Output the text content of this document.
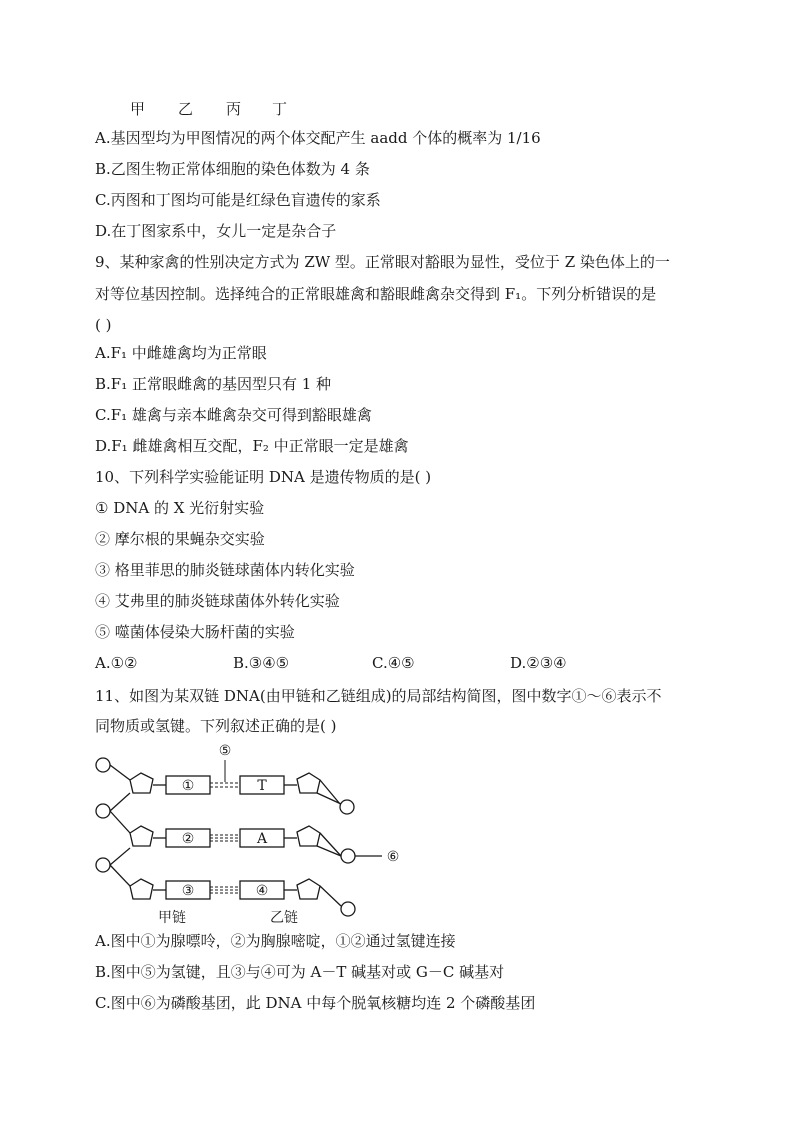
甲 乙 丙 丁
A.基因型均为甲图情况的两个体交配产生 aadd 个体的概率为 1/16
B.乙图生物正常体细胞的染色体数为 4 条
C.丙图和丁图均可能是红绿色盲遗传的家系
D.在丁图家系中，女儿一定是杂合子
9、某种家禽的性别决定方式为 ZW 型。正常眼对豁眼为显性，受位于 Z 染色体上的一
对等位基因控制。选择纯合的正常眼雄禽和豁眼雌禽杂交得到 F₁。下列分析错误的是
( )
A.F₁ 中雌雄禽均为正常眼
B.F₁ 正常眼雌禽的基因型只有 1 种
C.F₁ 雄禽与亲本雌禽杂交可得到豁眼雄禽
D.F₁ 雌雄禽相互交配，F₂ 中正常眼一定是雄禽
10、下列科学实验能证明 DNA 是遗传物质的是( )
① DNA 的 X 光衍射实验
② 摩尔根的果蝇杂交实验
③ 格里菲思的肺炎链球菌体内转化实验
④ 艾弗里的肺炎链球菌体外转化实验
⑤ 噬菌体侵染大肠杆菌的实验
A.①②	B.③④⑤	C.④⑤	D.②③④
11、如图为某双链 DNA(由甲链和乙链组成)的局部结构简图，图中数字①～⑥表示不
同物质或氢键。下列叙述正确的是( )
⑤
①
②
③
T
A
④
⑥
甲链	乙链
A.图中①为腺嘌呤，②为胸腺嘧啶，①②通过氢键连接
B.图中⑤为氢键，且③与④可为 A－T 碱基对或 G－C 碱基对
C.图中⑥为磷酸基团，此 DNA 中每个脱氧核糖均连 2 个磷酸基团
